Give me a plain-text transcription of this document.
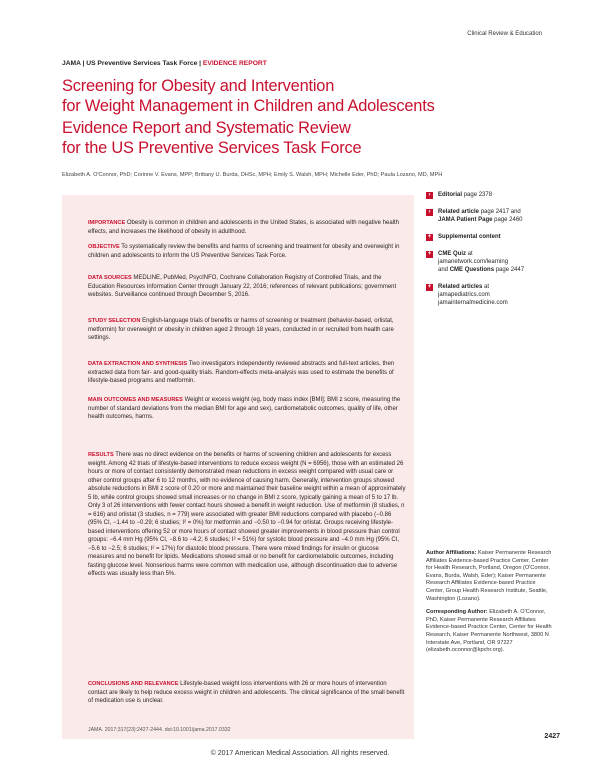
Clinical Review & Education
JAMA | US Preventive Services Task Force | EVIDENCE REPORT
Screening for Obesity and Intervention
for Weight Management in Children and Adolescents
Evidence Report and Systematic Review
for the US Preventive Services Task Force
Elizabeth A. O'Connor, PhD; Corinne V. Evans, MPP; Brittany U. Burda, DHSc, MPH; Emily S. Walsh, MPH; Michelle Eder, PhD; Paula Lozano, MD, MPH
IMPORTANCE Obesity is common in children and adolescents in the United States, is associated with negative health effects, and increases the likelihood of obesity in adulthood.
OBJECTIVE To systematically review the benefits and harms of screening and treatment for obesity and overweight in children and adolescents to inform the US Preventive Services Task Force.
DATA SOURCES MEDLINE, PubMed, PsycINFO, Cochrane Collaboration Registry of Controlled Trials, and the Education Resources Information Center through January 22, 2016; references of relevant publications; government websites. Surveillance continued through December 5, 2016.
STUDY SELECTION English-language trials of benefits or harms of screening or treatment (behavior-based, orlistat, metformin) for overweight or obesity in children aged 2 through 18 years, conducted in or recruited from health care settings.
DATA EXTRACTION AND SYNTHESIS Two investigators independently reviewed abstracts and full-text articles, then extracted data from fair- and good-quality trials. Random-effects meta-analysis was used to estimate the benefits of lifestyle-based programs and metformin.
MAIN OUTCOMES AND MEASURES Weight or excess weight (eg, body mass index [BMI]; BMI z score, measuring the number of standard deviations from the median BMI for age and sex), cardiometabolic outcomes, quality of life, other health outcomes, harms.
RESULTS There was no direct evidence on the benefits or harms of screening children and adolescents for excess weight. Among 42 trials of lifestyle-based interventions to reduce excess weight (N = 6956), those with an estimated 26 hours or more of contact consistently demonstrated mean reductions in excess weight compared with usual care or other control groups after 6 to 12 months, with no evidence of causing harm. Generally, intervention groups showed absolute reductions in BMI z score of 0.20 or more and maintained their baseline weight within a mean of approximately 5 lb, while control groups showed small increases or no change in BMI z score, typically gaining a mean of 5 to 17 lb. Only 3 of 26 interventions with fewer contact hours showed a benefit in weight reduction. Use of metformin (8 studies, n = 616) and orlistat (3 studies, n = 779) were associated with greater BMI reductions compared with placebo (−0.86 (95% CI, −1.44 to −0.29; 6 studies; I² = 0%) for metformin and −0.50 to −0.94 for orlistat. Groups receiving lifestyle-based interventions offering 52 or more hours of contact showed greater improvements in blood pressure than control groups: −6.4 mm Hg (95% CI, −8.6 to −4.2; 6 studies; I² = 51%) for systolic blood pressure and −4.0 mm Hg (95% CI, −5.6 to −2.5; 6 studies; I² = 17%) for diastolic blood pressure. There were mixed findings for insulin or glucose measures and no benefit for lipids. Medications showed small or no benefit for cardiometabolic outcomes, including fasting glucose level. Nonserious harms were common with medication use, although discontinuation due to adverse effects was usually less than 5%.
CONCLUSIONS AND RELEVANCE Lifestyle-based weight loss interventions with 26 or more hours of intervention contact are likely to help reduce excess weight in children and adolescents. The clinical significance of the small benefit of medication use is unclear.
JAMA. 2017;317(23):2427-2444. doi:10.1001/jama.2017.0332
›	Editorial page 2378
›	Related article page 2417 and
JAMA Patient Page page 2460
+ Supplemental content
+ CME Quiz at
jamanetwork.com/learning
and CME Questions page 2447
+ Related articles at
jamapediatrics.com
jamainternalmedicine.com

Author Affiliations: Kaiser Permanente Research Affiliates Evidence-based Practice Center, Center for Health Research, Portland, Oregon (O'Connor, Evans, Burda, Walsh, Eder); Kaiser Permanente Research Affiliates Evidence-based Practice Center, Group Health Research Institute, Seattle, Washington (Lozano).

Corresponding Author: Elizabeth A. O'Connor, PhD, Kaiser Permanente Research Affiliates Evidence-based Practice Center, Center for Health Research, Kaiser Permanente Northwest, 3800 N Interstate Ave, Portland, OR 97227 (elizabeth.oconnor@kpchr.org).

2427
© 2017 American Medical Association. All rights reserved.
